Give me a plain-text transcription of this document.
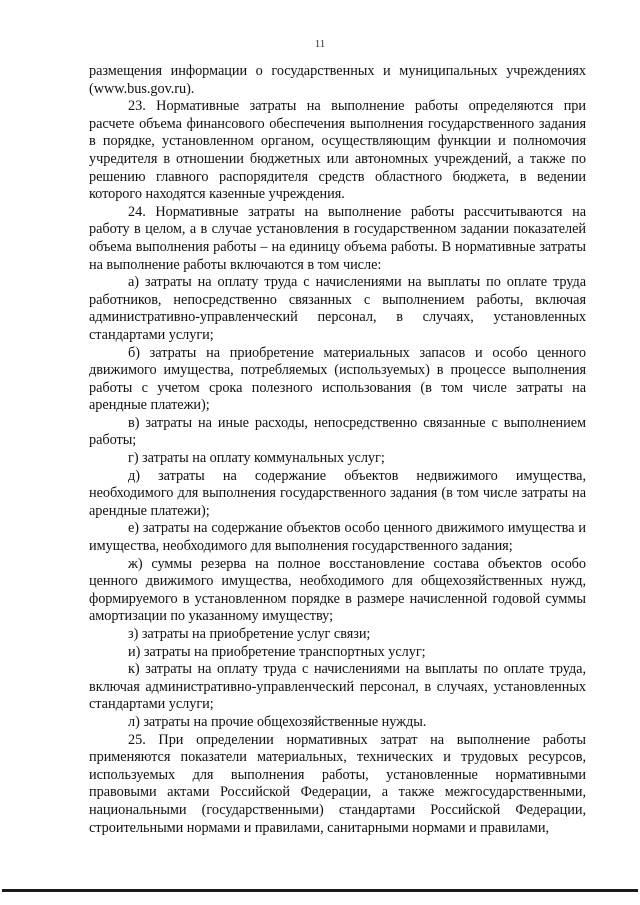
11

размещения информации о государственных и муниципальных учреждениях (www.bus.gov.ru).

23. Нормативные затраты на выполнение работы определяются при расчете объема финансового обеспечения выполнения государственного задания в порядке, установленном органом, осуществляющим функции и полномочия учредителя в отношении бюджетных или автономных учреждений, а также по решению главного распорядителя средств областного бюджета, в ведении которого находятся казенные учреждения.

24. Нормативные затраты на выполнение работы рассчитываются на работу в целом, а в случае установления в государственном задании показателей объема выполнения работы – на единицу объема работы. В нормативные затраты на выполнение работы включаются в том числе:

а) затраты на оплату труда с начислениями на выплаты по оплате труда работников, непосредственно связанных с выполнением работы, включая административно-управленческий персонал, в случаях, установленных стандартами услуги;

б) затраты на приобретение материальных запасов и особо ценного движимого имущества, потребляемых (используемых) в процессе выполнения работы с учетом срока полезного использования (в том числе затраты на арендные платежи);

в) затраты на иные расходы, непосредственно связанные с выполнением работы;

г) затраты на оплату коммунальных услуг;

д) затраты на содержание объектов недвижимого имущества, необходимого для выполнения государственного задания (в том числе затраты на арендные платежи);

е) затраты на содержание объектов особо ценного движимого имущества и имущества, необходимого для выполнения государственного задания;

ж) суммы резерва на полное восстановление состава объектов особо ценного движимого имущества, необходимого для общехозяйственных нужд, формируемого в установленном порядке в размере начисленной годовой суммы амортизации по указанному имуществу;

з) затраты на приобретение услуг связи;

и) затраты на приобретение транспортных услуг;

к) затраты на оплату труда с начислениями на выплаты по оплате труда, включая административно-управленческий персонал, в случаях, установленных стандартами услуги;

л) затраты на прочие общехозяйственные нужды.

25. При определении нормативных затрат на выполнение работы применяются показатели материальных, технических и трудовых ресурсов, используемых для выполнения работы, установленные нормативными правовыми актами Российской Федерации, а также межгосударственными, национальными (государственными) стандартами Российской Федерации, строительными нормами и правилами, санитарными нормами и правилами,
